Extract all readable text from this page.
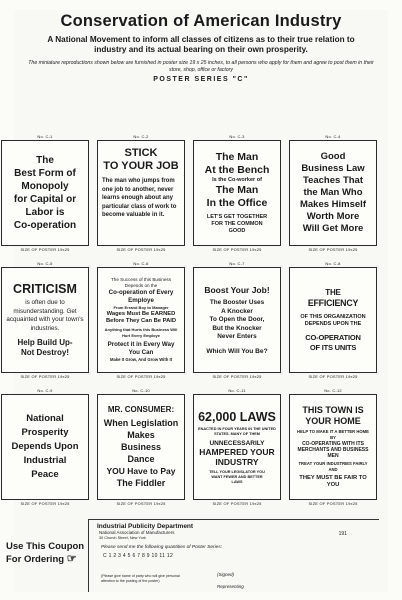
Conservation of American Industry
A National Movement to inform all classes of citizens as to their true relation to industry and its actual bearing on their own prosperity.
The miniature reproductions shown below are furnished in poster size 19 x 25 inches, to all persons who apply for them and agree to post them in their store, shop, office or factory
POSTER SERIES "C"
No. C-1
The
Best Form of
Monopoly
for Capital or
Labor is
Co-operation
SIZE OF POSTER 19x25
No. C-2
STICK
TO YOUR JOB
The man who jumps from one job to another, never learns enough about any particular class of work to become valuable in it.
SIZE OF POSTER 19x25
No. C-3
The Man
At the Bench
Is the Co-worker of
The Man
In the Office
LET'S GET TOGETHER FOR THE COMMON GOOD
SIZE OF POSTER 19x25
No. C-4
Good
Business Law
Teaches That
the Man Who
Makes Himself
Worth More
Will Get More
SIZE OF POSTER 19x25
No. C-5
CRITICISM
is often due to misunderstanding. Get acquainted with your town's industries.
Help Build Up-
Not Destroy!
SIZE OF POSTER 19x25
No. C-6
The Success of this Business Depends on the
Co-operation of Every Employe
From Errand Boy to Manager
Wages Must Be EARNED Before They Can Be PAID
Anything that Hurts this Business Will Hurt Every Employe
Protect it in Every Way You Can
Make It Grow, And Grow With It
SIZE OF POSTER 19x25
No. C-7
Boost Your Job!
The Booster Uses
A Knocker
To Open the Door,
But the Knocker
Never Enters
Which Will You Be?
SIZE OF POSTER 19x25
No. C-8
THE
EFFICIENCY
OF THIS ORGANIZATION
DEPENDS UPON THE
CO-OPERATION
OF ITS UNITS
SIZE OF POSTER 19x25
No. C-9
National
Prosperity
Depends Upon
Industrial
Peace
SIZE OF POSTER 19x25
No. C-10
MR. CONSUMER:
When Legislation
Makes
Business
Dance
YOU Have to Pay
The Fiddler
SIZE OF POSTER 19x25
No. C-11
62,000 LAWS
ENACTED IN FOUR YEARS IN THE UNITED STATES. MANY OF THEM
UNNECESSARILY
HAMPERED YOUR INDUSTRY
TELL YOUR LEGISLATOR YOU WANT FEWER AND BETTER LAWS
SIZE OF POSTER 19x25
No. C-12
THIS TOWN IS
YOUR HOME
HELP TO MAKE IT A BETTER HOME BY
CO-OPERATING WITH ITS MERCHANTS AND BUSINESS MEN
TREAT YOUR INDUSTRIES FAIRLY AND
THEY MUST BE FAIR TO YOU
SIZE OF POSTER 19x25
Use This Coupon
For Ordering ☞
Industrial Publicity Department
National Association of Manufacturers
30 Church Street, New York
191
Please send me the following quantities of Poster Series:
C 1 2 3 4 5 6 7 8 9 10 11 12
(Please give name of party who will give personal attention to the posting of the poster)
(Signed)
Representing
